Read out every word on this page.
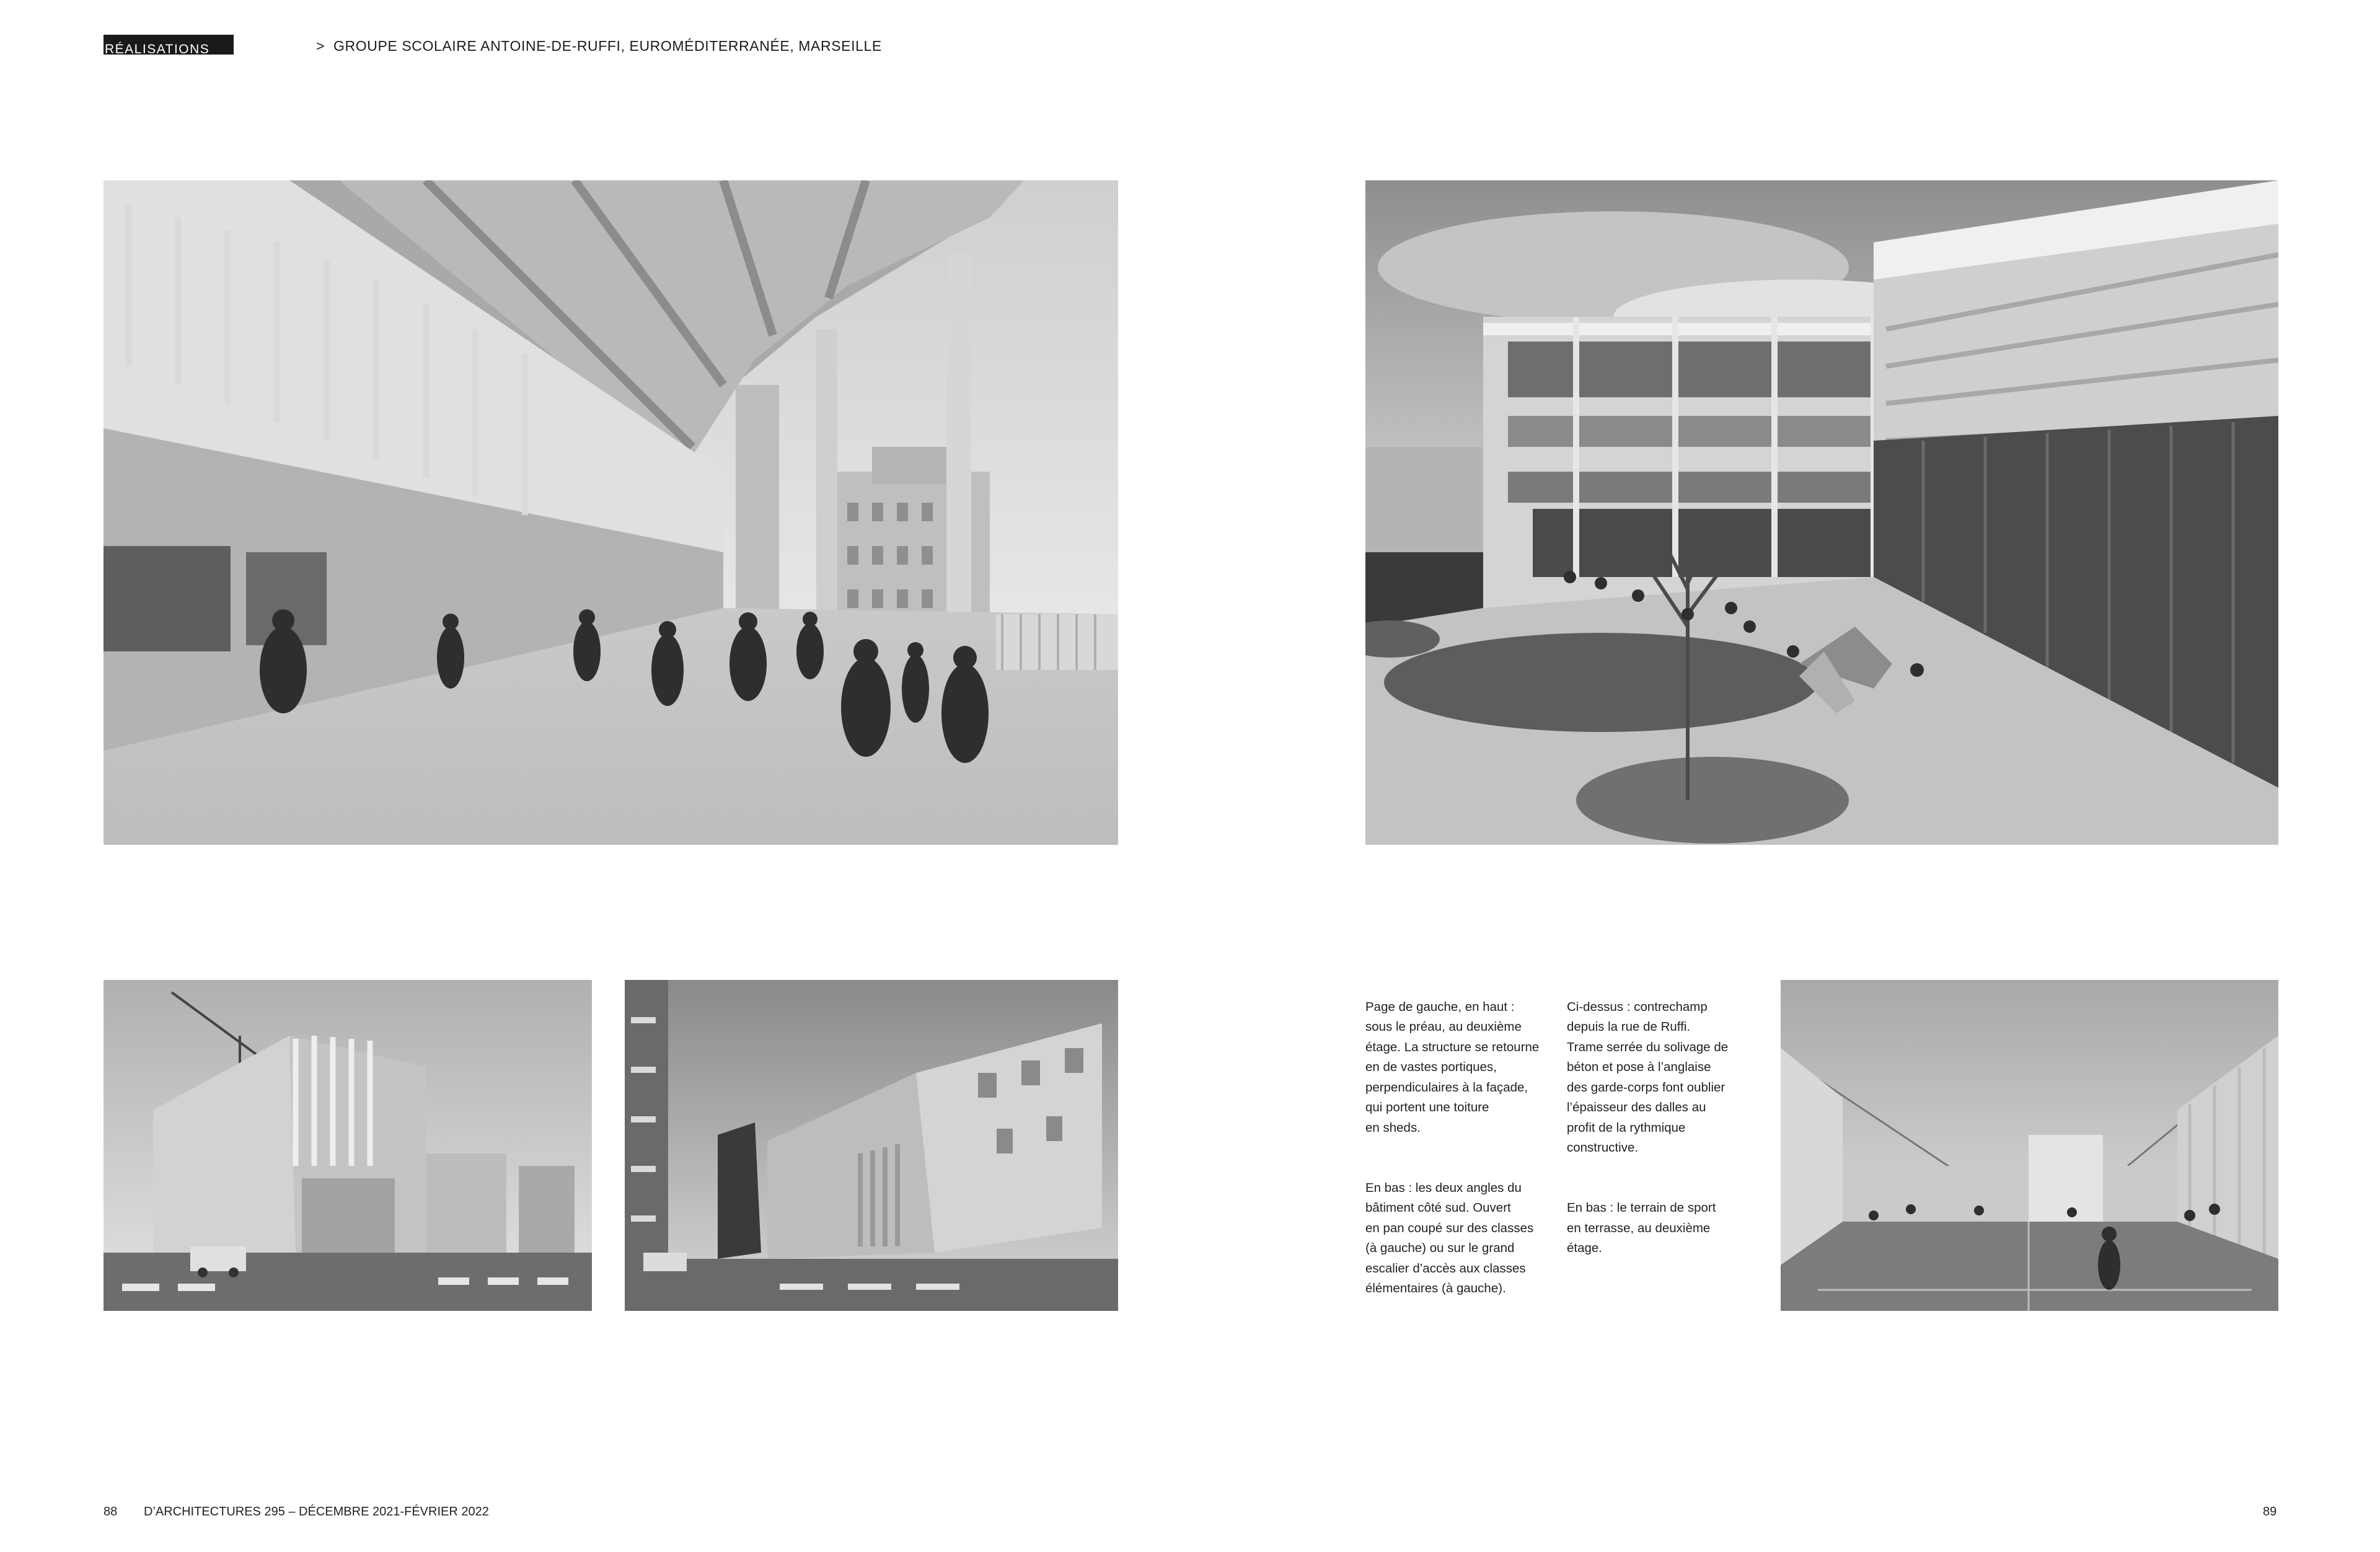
RÉALISATIONS	> GROUPE SCOLAIRE ANTOINE-DE-RUFFI, EUROMÉDITERRANÉE, MARSEILLE

Page de gauche, en haut :
sous le préau, au deuxième
étage. La structure se retourne
en de vastes portiques,
perpendiculaires à la façade,
qui portent une toiture
en sheds.

En bas : les deux angles du
bâtiment côté sud. Ouvert
en pan coupé sur des classes
(à gauche) ou sur le grand
escalier d’accès aux classes
élémentaires (à gauche).

Ci-dessus : contrechamp
depuis la rue de Ruffi.
Trame serrée du solivage de
béton et pose à l’anglaise
des garde-corps font oublier
l’épaisseur des dalles au
profit de la rythmique
constructive.

En bas : le terrain de sport
en terrasse, au deuxième
étage.

88 D’ARCHITECTURES 295 – DÉCEMBRE 2021-FÉVRIER 2022	89
